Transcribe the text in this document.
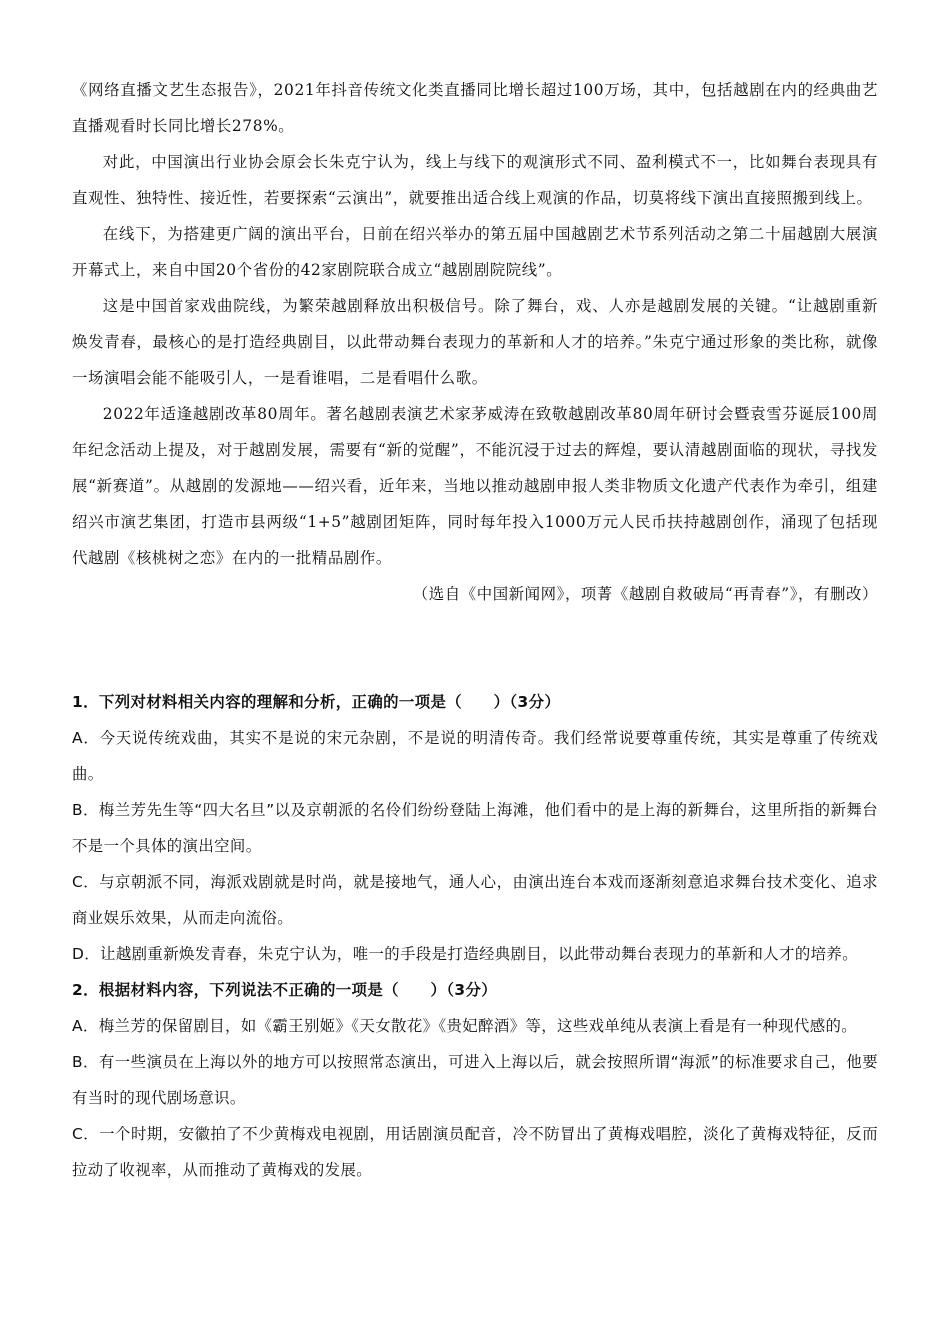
《网络直播文艺生态报告》，2021年抖音传统文化类直播同比增长超过100万场，其中，包括越剧在内的经典曲艺直播观看时长同比增长278%。

对此，中国演出行业协会原会长朱克宁认为，线上与线下的观演形式不同、盈利模式不一，比如舞台表现具有直观性、独特性、接近性，若要探索“云演出”，就要推出适合线上观演的作品，切莫将线下演出直接照搬到线上。

在线下，为搭建更广阔的演出平台，日前在绍兴举办的第五届中国越剧艺术节系列活动之第二十届越剧大展演开幕式上，来自中国20个省份的42家剧院联合成立“越剧剧院院线”。

这是中国首家戏曲院线，为繁荣越剧释放出积极信号。除了舞台，戏、人亦是越剧发展的关键。“让越剧重新焕发青春，最核心的是打造经典剧目，以此带动舞台表现力的革新和人才的培养。”朱克宁通过形象的类比称，就像一场演唱会能不能吸引人，一是看谁唱，二是看唱什么歌。

2022年适逢越剧改革80周年。著名越剧表演艺术家茅威涛在致敬越剧改革80周年研讨会暨袁雪芬诞辰100周年纪念活动上提及，对于越剧发展，需要有“新的觉醒”，不能沉浸于过去的辉煌，要认清越剧面临的现状，寻找发展“新赛道”。从越剧的发源地——绍兴看，近年来，当地以推动越剧申报人类非物质文化遗产代表作为牵引，组建绍兴市演艺集团，打造市县两级“1+5”越剧团矩阵，同时每年投入1000万元人民币扶持越剧创作，涌现了包括现代越剧《核桃树之恋》在内的一批精品剧作。

（选自《中国新闻网》，项菁《越剧自救破局“再青春”》，有删改）

1．下列对材料相关内容的理解和分析，正确的一项是（　　）（3分）

A．今天说传统戏曲，其实不是说的宋元杂剧，不是说的明清传奇。我们经常说要尊重传统，其实是尊重了传统戏曲。

B．梅兰芳先生等“四大名旦”以及京朝派的名伶们纷纷登陆上海滩，他们看中的是上海的新舞台，这里所指的新舞台不是一个具体的演出空间。

C．与京朝派不同，海派戏剧就是时尚，就是接地气，通人心，由演出连台本戏而逐渐刻意追求舞台技术变化、追求商业娱乐效果，从而走向流俗。

D．让越剧重新焕发青春，朱克宁认为，唯一的手段是打造经典剧目，以此带动舞台表现力的革新和人才的培养。

2．根据材料内容，下列说法不正确的一项是（　　）（3分）

A．梅兰芳的保留剧目，如《霸王别姬》《天女散花》《贵妃醉酒》等，这些戏单纯从表演上看是有一种现代感的。

B．有一些演员在上海以外的地方可以按照常态演出，可进入上海以后，就会按照所谓“海派”的标准要求自己，他要有当时的现代剧场意识。

C．一个时期，安徽拍了不少黄梅戏电视剧，用话剧演员配音，冷不防冒出了黄梅戏唱腔，淡化了黄梅戏特征，反而拉动了收视率，从而推动了黄梅戏的发展。
